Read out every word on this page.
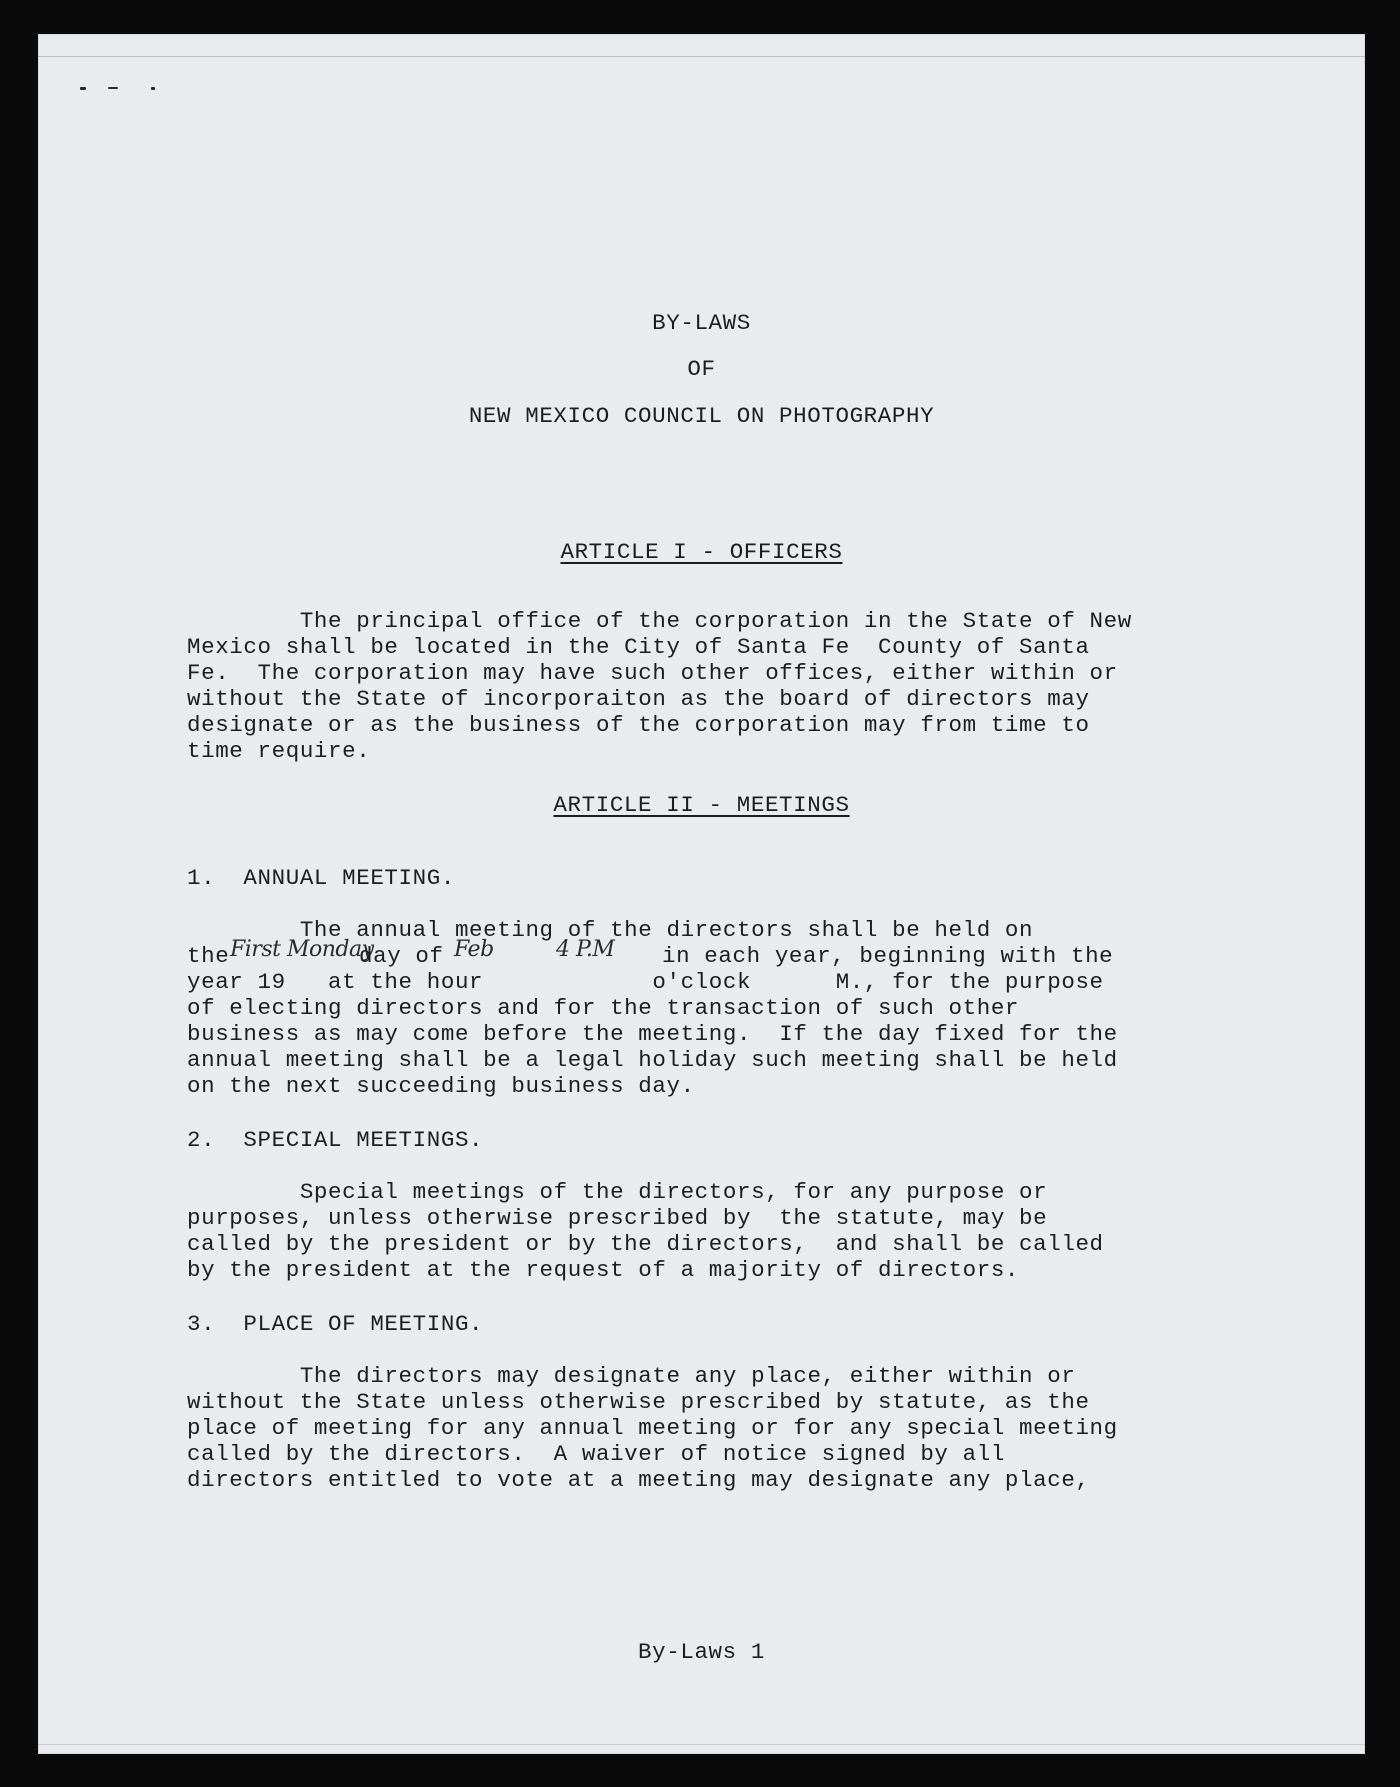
BY-LAWS
OF
NEW MEXICO COUNCIL ON PHOTOGRAPHY
ARTICLE I - OFFICERS
The principal office of the corporation in the State of New
Mexico shall be located in the City of Santa Fe  County of Santa
Fe.  The corporation may have such other offices, either within or
without the State of incorporaiton as the board of directors may
designate or as the business of the corporation may from time to
time require.
ARTICLE II - MEETINGS
1.  ANNUAL MEETING.
The annual meeting of the directors shall be held on
the First Monday
day of Feb	4 P.M in each year, beginning with the
year 19   at the hour            o'clock      M., for the purpose
of electing directors and for the transaction of such other
business as may come before the meeting.  If the day fixed for the
annual meeting shall be a legal holiday such meeting shall be held
on the next succeeding business day.
2.  SPECIAL MEETINGS.
Special meetings of the directors, for any purpose or
purposes, unless otherwise prescribed by  the statute, may be
called by the president or by the directors,  and shall be called
by the president at the request of a majority of directors.
3.  PLACE OF MEETING.
The directors may designate any place, either within or
without the State unless otherwise prescribed by statute, as the
place of meeting for any annual meeting or for any special meeting
called by the directors.  A waiver of notice signed by all
directors entitled to vote at a meeting may designate any place,
By-Laws 1
